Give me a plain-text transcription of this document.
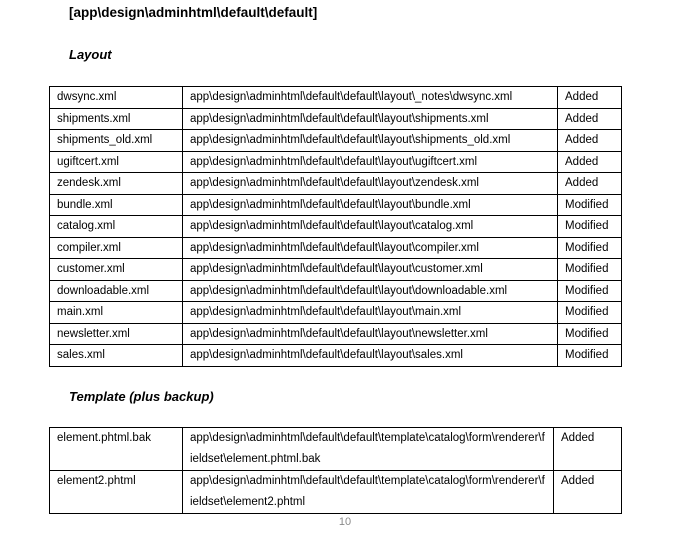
[app\design\adminhtml\default\default]
Layout
dwsync.xml	app\design\adminhtml\default\default\layout\_notes\dwsync.xml	Added
shipments.xml	app\design\adminhtml\default\default\layout\shipments.xml	Added
shipments_old.xml	app\design\adminhtml\default\default\layout\shipments_old.xml	Added
ugiftcert.xml	app\design\adminhtml\default\default\layout\ugiftcert.xml	Added
zendesk.xml	app\design\adminhtml\default\default\layout\zendesk.xml	Added
bundle.xml	app\design\adminhtml\default\default\layout\bundle.xml	Modified
catalog.xml	app\design\adminhtml\default\default\layout\catalog.xml	Modified
compiler.xml	app\design\adminhtml\default\default\layout\compiler.xml	Modified
customer.xml	app\design\adminhtml\default\default\layout\customer.xml	Modified
downloadable.xml	app\design\adminhtml\default\default\layout\downloadable.xml	Modified
main.xml	app\design\adminhtml\default\default\layout\main.xml	Modified
newsletter.xml	app\design\adminhtml\default\default\layout\newsletter.xml	Modified
sales.xml	app\design\adminhtml\default\default\layout\sales.xml	Modified
Template (plus backup)
element.phtml.bak	app\design\adminhtml\default\default\template\catalog\form\renderer\fieldset\element.phtml.bak	Added
element2.phtml	app\design\adminhtml\default\default\template\catalog\form\renderer\fieldset\element2.phtml	Added
10
